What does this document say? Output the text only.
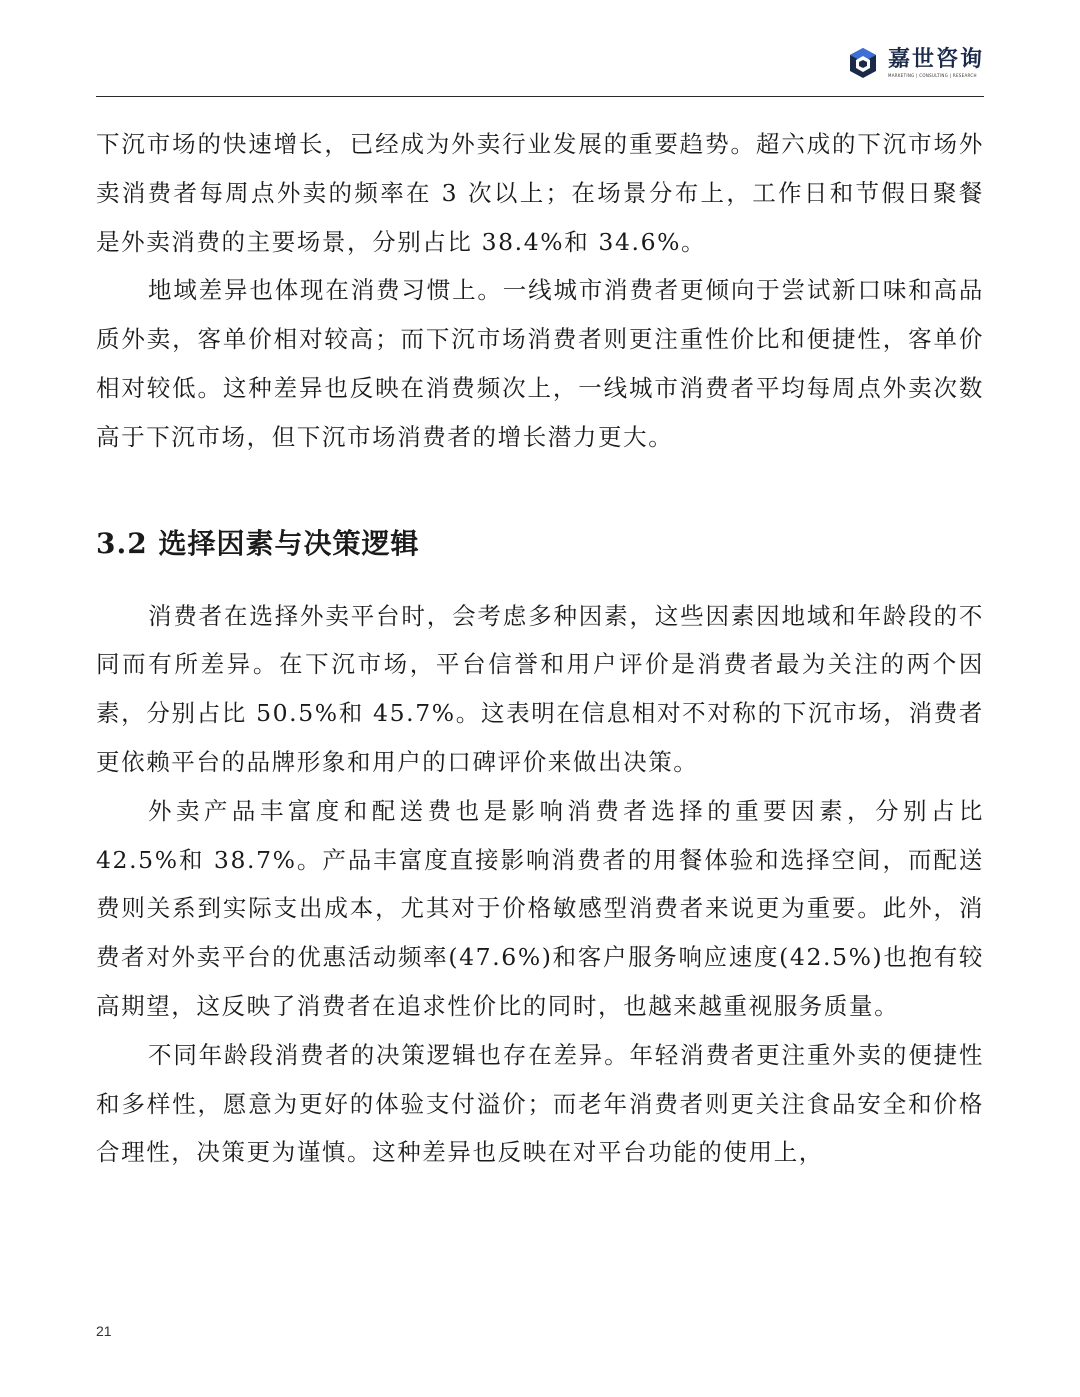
嘉世咨询
MARKETING | CONSULTING | RESEARCH

下沉市场的快速增长，已经成为外卖行业发展的重要趋势。超六成的下沉市场外卖消费者每周点外卖的频率在 3 次以上；在场景分布上，工作日和节假日聚餐是外卖消费的主要场景，分别占比 38.4%和 34.6%。

地域差异也体现在消费习惯上。一线城市消费者更倾向于尝试新口味和高品质外卖，客单价相对较高；而下沉市场消费者则更注重性价比和便捷性，客单价相对较低。这种差异也反映在消费频次上，一线城市消费者平均每周点外卖次数高于下沉市场，但下沉市场消费者的增长潜力更大。

3.2 选择因素与决策逻辑

消费者在选择外卖平台时，会考虑多种因素，这些因素因地域和年龄段的不同而有所差异。在下沉市场，平台信誉和用户评价是消费者最为关注的两个因素，分别占比 50.5%和 45.7%。这表明在信息相对不对称的下沉市场，消费者更依赖平台的品牌形象和用户的口碑评价来做出决策。

外卖产品丰富度和配送费也是影响消费者选择的重要因素，分别占比 42.5%和 38.7%。产品丰富度直接影响消费者的用餐体验和选择空间，而配送费则关系到实际支出成本，尤其对于价格敏感型消费者来说更为重要。此外，消费者对外卖平台的优惠活动频率(47.6%)和客户服务响应速度(42.5%)也抱有较高期望，这反映了消费者在追求性价比的同时，也越来越重视服务质量。

不同年龄段消费者的决策逻辑也存在差异。年轻消费者更注重外卖的便捷性和多样性，愿意为更好的体验支付溢价；而老年消费者则更关注食品安全和价格合理性，决策更为谨慎。这种差异也反映在对平台功能的使用上，

21
